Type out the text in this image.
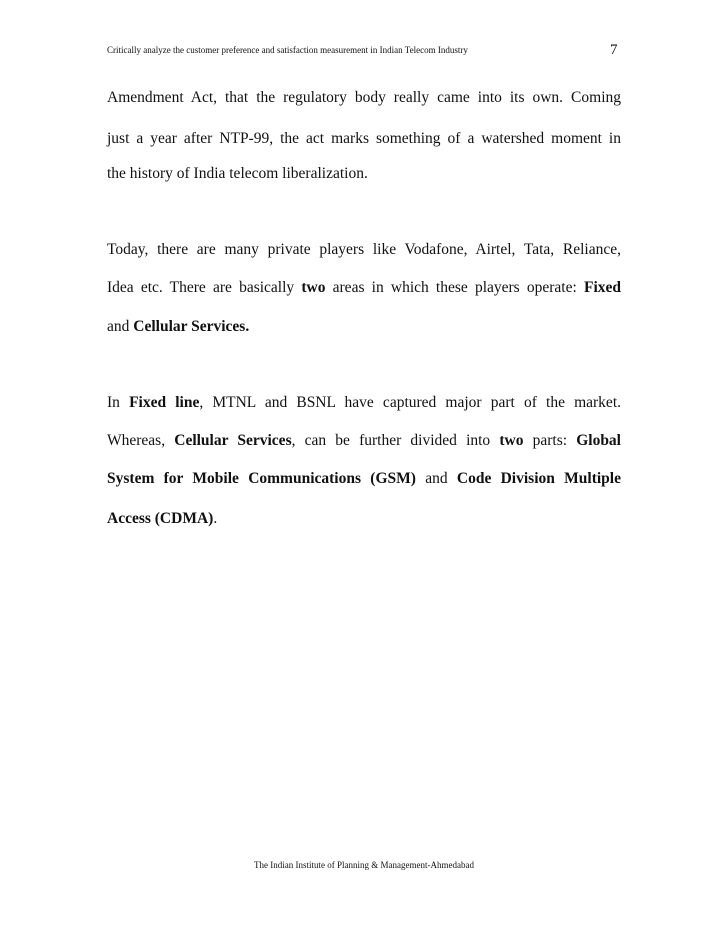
Critically analyze the customer preference and satisfaction measurement in Indian Telecom Industry	7
Amendment Act, that the regulatory body really came into its own. Coming
just a year after NTP-99, the act marks something of a watershed moment in
the history of India telecom liberalization.
Today, there are many private players like Vodafone, Airtel, Tata, Reliance,
Idea etc. There are basically two areas in which these players operate: Fixed
and Cellular Services.
In Fixed line, MTNL and BSNL have captured major part of the market.
Whereas, Cellular Services, can be further divided into two parts: Global
System for Mobile Communications (GSM) and Code Division Multiple
Access (CDMA).
The Indian Institute of Planning & Management-Ahmedabad
